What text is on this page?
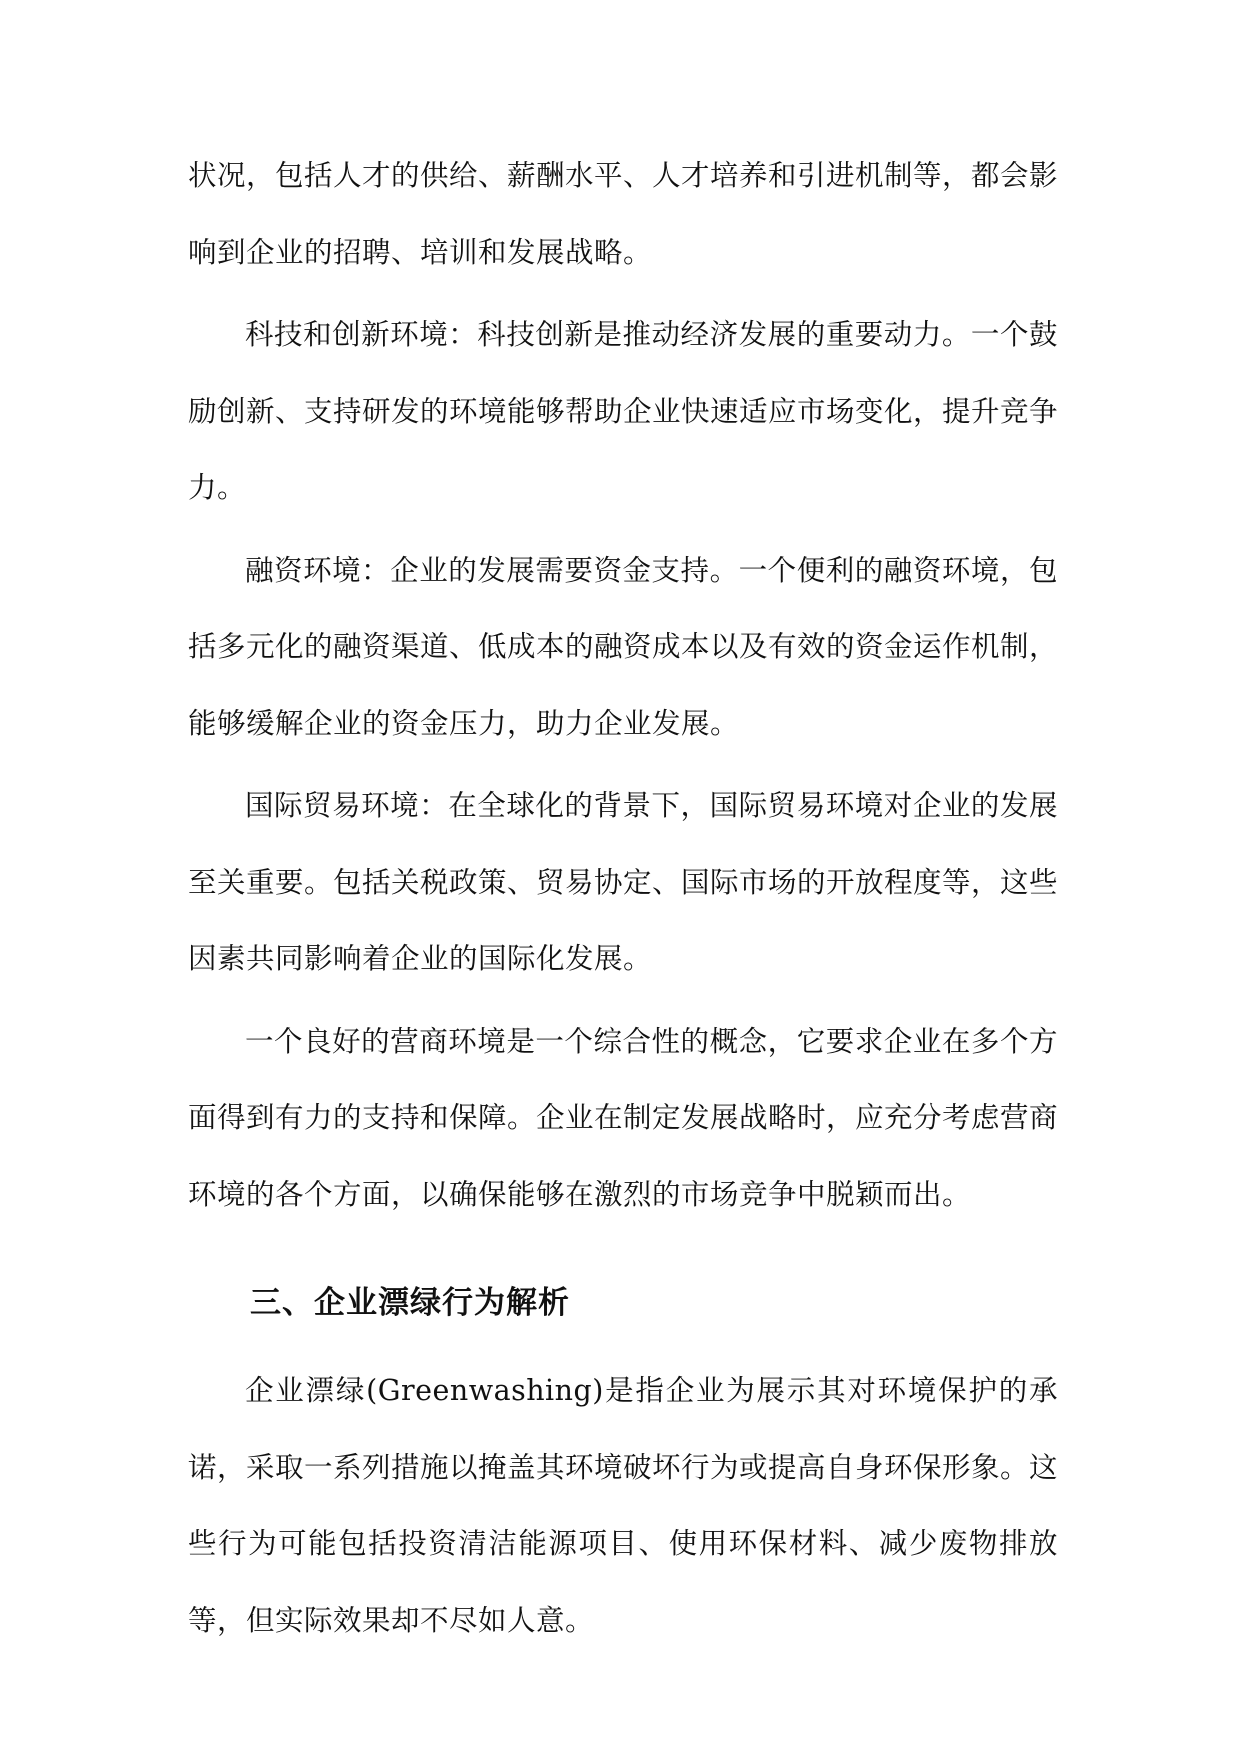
状况，包括人才的供给、薪酬水平、人才培养和引进机制等，都会影响到企业的招聘、培训和发展战略。

科技和创新环境：科技创新是推动经济发展的重要动力。一个鼓励创新、支持研发的环境能够帮助企业快速适应市场变化，提升竞争力。

融资环境：企业的发展需要资金支持。一个便利的融资环境，包括多元化的融资渠道、低成本的融资成本以及有效的资金运作机制，能够缓解企业的资金压力，助力企业发展。

国际贸易环境：在全球化的背景下，国际贸易环境对企业的发展至关重要。包括关税政策、贸易协定、国际市场的开放程度等，这些因素共同影响着企业的国际化发展。

一个良好的营商环境是一个综合性的概念，它要求企业在多个方面得到有力的支持和保障。企业在制定发展战略时，应充分考虑营商环境的各个方面，以确保能够在激烈的市场竞争中脱颖而出。

三、企业漂绿行为解析

企业漂绿(Greenwashing)是指企业为展示其对环境保护的承诺，采取一系列措施以掩盖其环境破坏行为或提高自身环保形象。这些行为可能包括投资清洁能源项目、使用环保材料、减少废物排放等，但实际效果却不尽如人意。
